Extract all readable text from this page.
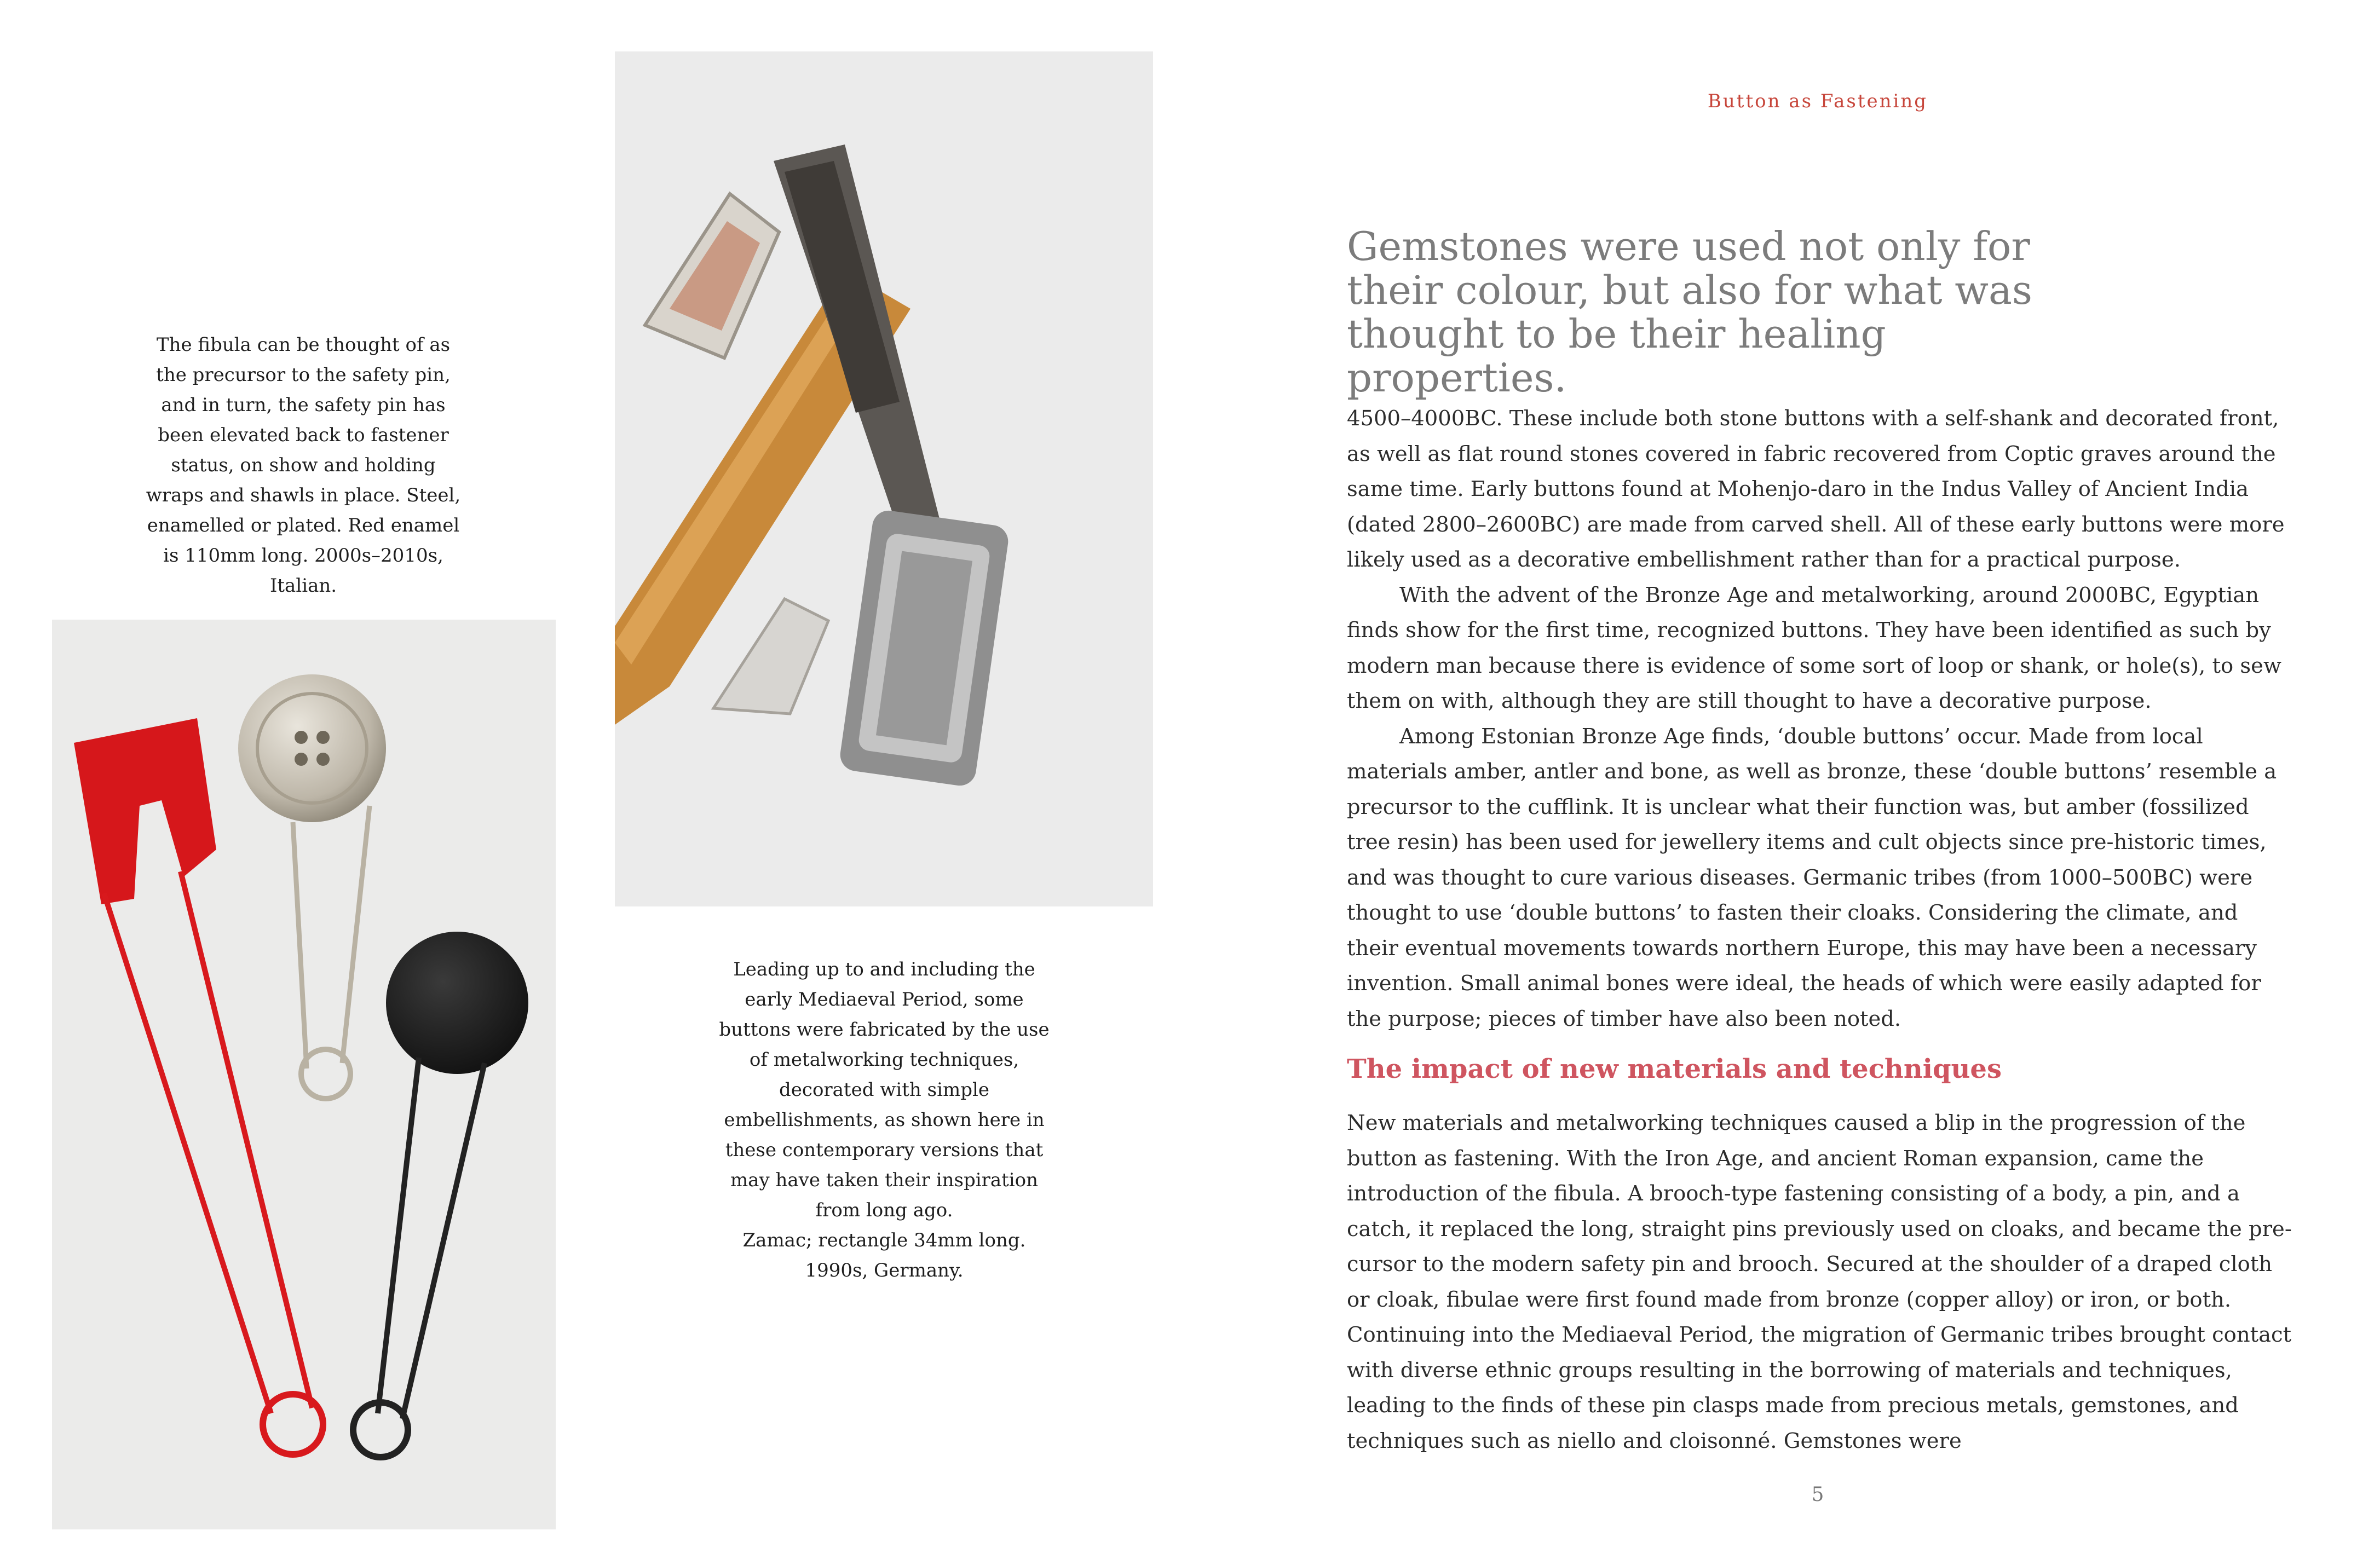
The fibula can be thought of as the precursor to the safety pin, and in turn, the safety pin has been elevated back to fastener status, on show and holding wraps and shawls in place. Steel, enamelled or plated. Red enamel is 110mm long. 2000s–2010s, Italian.

Leading up to and including the early Mediaeval Period, some buttons were fabricated by the use of metalworking techniques, decorated with simple embellishments, as shown here in these contemporary versions that may have taken their inspiration from long ago.

Zamac; rectangle 34mm long. 1990s, Germany.

Button as Fastening
Gemstones were used not only for their colour, but also for what was thought to be their healing properties.

4500–4000BC. These include both stone buttons with a self-shank and decorated front, as well as flat round stones covered in fabric recovered from Coptic graves around the same time. Early buttons found at Mohenjo-daro in the Indus Valley of Ancient India (dated 2800–2600BC) are made from carved shell. All of these early buttons were more likely used as a decorative embellishment rather than for a practical purpose.

With the advent of the Bronze Age and metalworking, around 2000BC, Egyptian finds show for the first time, recognized buttons. They have been identified as such by modern man because there is evidence of some sort of loop or shank, or hole(s), to sew them on with, although they are still thought to have a decorative purpose.

Among Estonian Bronze Age finds, ‘double buttons’ occur. Made from local materials amber, antler and bone, as well as bronze, these ‘double buttons’ resemble a precursor to the cufflink. It is unclear what their function was, but amber (fossilized tree resin) has been used for jewellery items and cult objects since pre-historic times, and was thought to cure various diseases. Germanic tribes (from 1000–500BC) were thought to use ‘double buttons’ to fasten their cloaks. Considering the climate, and their eventual movements towards northern Europe, this may have been a necessary invention. Small animal bones were ideal, the heads of which were easily adapted for the purpose; pieces of timber have also been noted.

The impact of new materials and techniques

New materials and metalworking techniques caused a blip in the progression of the button as fastening. With the Iron Age, and ancient Roman expansion, came the introduction of the fibula. A brooch-type fastening consisting of a body, a pin, and a catch, it replaced the long, straight pins previously used on cloaks, and became the pre-cursor to the modern safety pin and brooch. Secured at the shoulder of a draped cloth or cloak, fibulae were first found made from bronze (copper alloy) or iron, or both. Continuing into the Mediaeval Period, the migration of Germanic tribes brought contact with diverse ethnic groups resulting in the borrowing of materials and techniques, leading to the finds of these pin clasps made from precious metals, gemstones, and techniques such as niello and cloisonné. Gemstones were

5
